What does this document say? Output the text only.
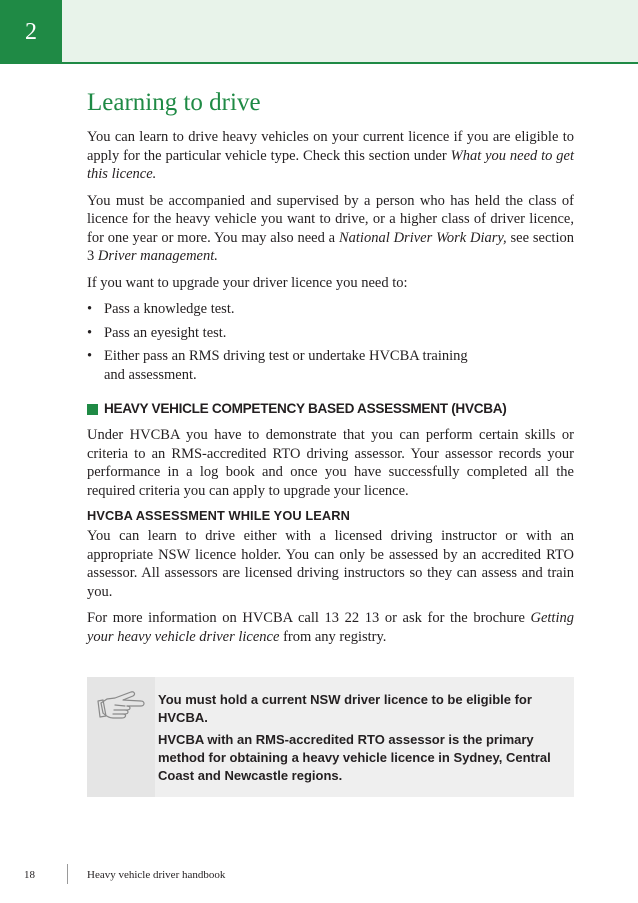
2
Learning to drive

You can learn to drive heavy vehicles on your current licence if you are eligible to apply for the particular vehicle type. Check this section under What you need to get this licence.

You must be accompanied and supervised by a person who has held the class of licence for the heavy vehicle you want to drive, or a higher class of driver licence, for one year or more. You may also need a National Driver Work Diary, see section 3 Driver management.

If you want to upgrade your driver licence you need to:

• Pass a knowledge test.
• Pass an eyesight test.
• Either pass an RMS driving test or undertake HVCBA training and assessment.
HEAVY VEHICLE COMPETENCY BASED ASSESSMENT (HVCBA)

Under HVCBA you have to demonstrate that you can perform certain skills or criteria to an RMS-accredited RTO driving assessor. Your assessor records your performance in a log book and once you have successfully completed all the required criteria you can apply to upgrade your licence.

HVCBA ASSESSMENT WHILE YOU LEARN

You can learn to drive either with a licensed driving instructor or with an appropriate NSW licence holder. You can only be assessed by an accredited RTO assessor. All assessors are licensed driving instructors so they can assess and train you.

For more information on HVCBA call 13 22 13 or ask for the brochure Getting your heavy vehicle driver licence from any registry.

You must hold a current NSW driver licence to be eligible for HVCBA.

HVCBA with an RMS-accredited RTO assessor is the primary method for obtaining a heavy vehicle licence in Sydney, Central Coast and Newcastle regions.

18	Heavy vehicle driver handbook
